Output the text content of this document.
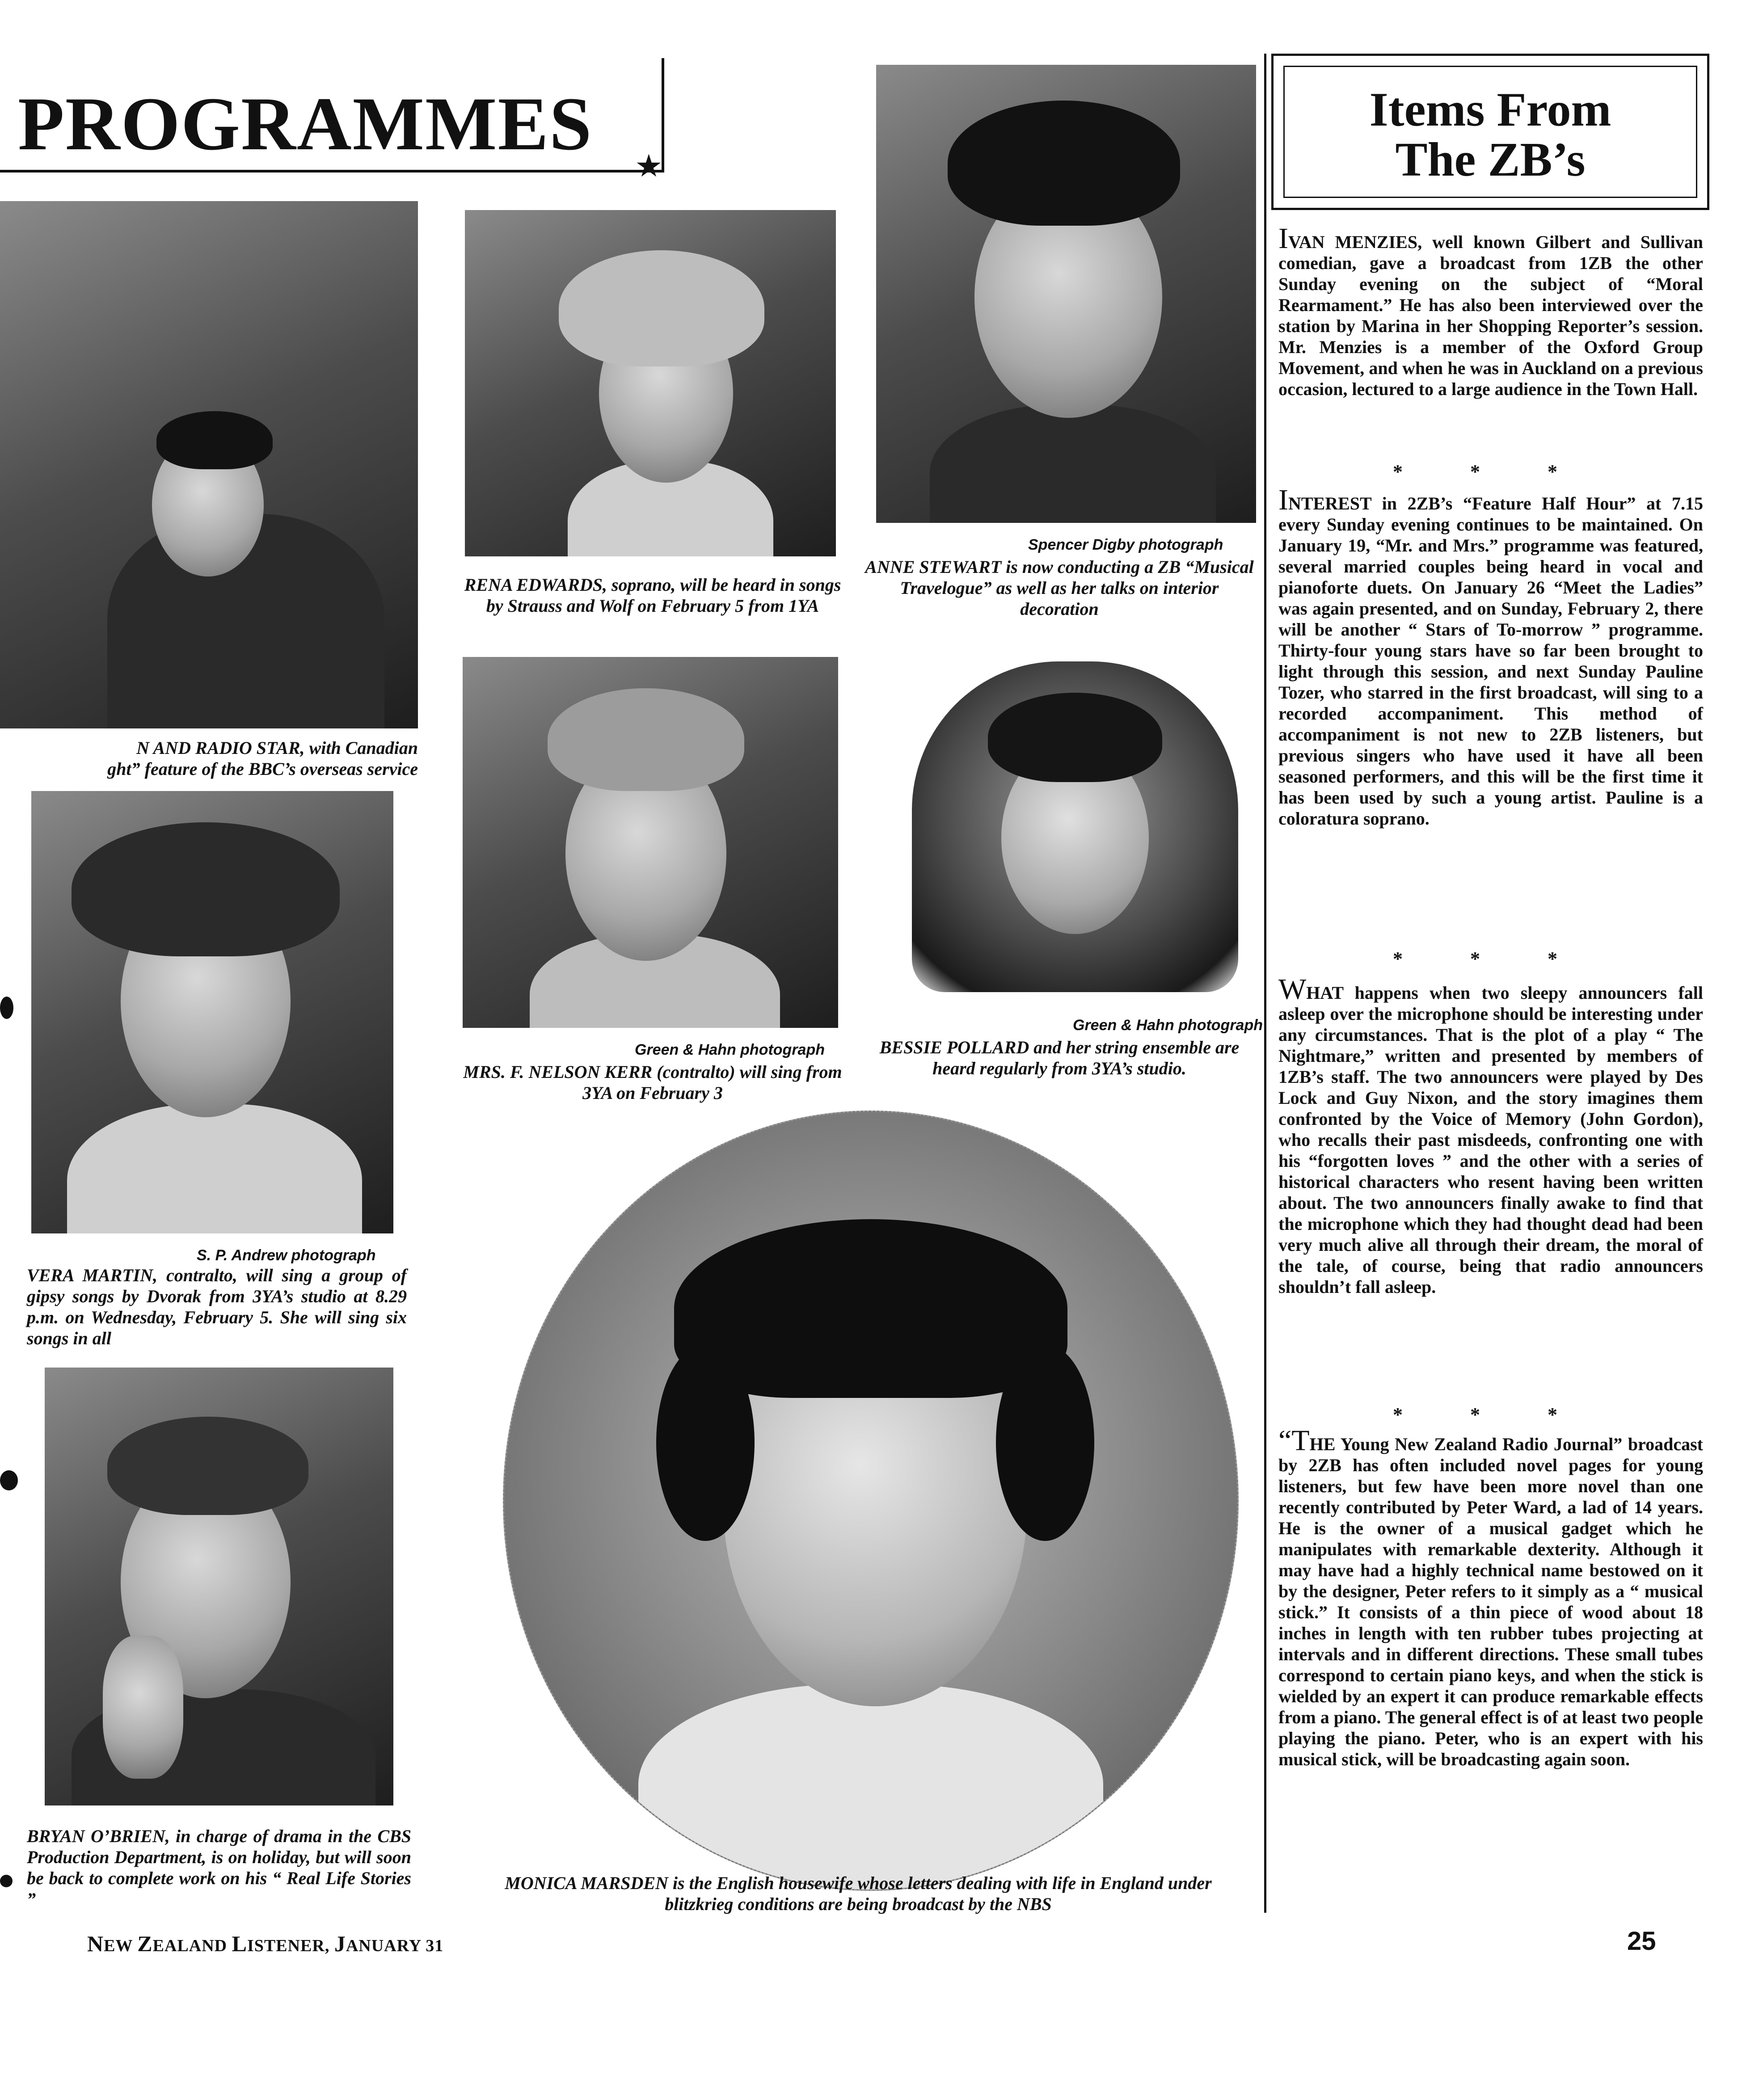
PROGRAMMES
★
N AND RADIO STAR, with Canadian
ght” feature of the BBC’s overseas service
RENA EDWARDS, soprano, will be heard in songs by Strauss and Wolf on February 5 from 1YA
Spencer Digby photograph
ANNE STEWART is now conducting a ZB “Musical Travelogue” as well as her talks on interior decoration
Green & Hahn photograph
MRS. F. NELSON KERR (contralto) will sing from 3YA on February 3
Green & Hahn photograph
BESSIE POLLARD and her string ensemble are heard regularly from 3YA’s studio.
S. P. Andrew photograph
VERA MARTIN, contralto, will sing a group of gipsy songs by Dvorak from 3YA’s studio at 8.29 p.m. on Wednesday, February 5. She will sing six songs in all
BRYAN O’BRIEN, in charge of drama in the CBS Production Department, is on holiday, but will soon be back to complete work on his “ Real Life Stories ”
MONICA MARSDEN is the English housewife whose letters dealing with life in England under blitzkrieg conditions are being broadcast by the NBS
Items From
The ZB’s
IVAN MENZIES, well known Gilbert and Sullivan comedian, gave a broadcast from 1ZB the other Sunday evening on the subject of “Moral Rearmament.” He has also been interviewed over the station by Marina in her Shopping Reporter’s session. Mr. Menzies is a member of the Oxford Group Movement, and when he was in Auckland on a previous occasion, lectured to a large audience in the Town Hall.
* * *
INTEREST in 2ZB’s “Feature Half Hour” at 7.15 every Sunday evening continues to be maintained. On January 19, “Mr. and Mrs.” programme was featured, several married couples being heard in vocal and pianoforte duets. On January 26 “Meet the Ladies” was again presented, and on Sunday, February 2, there will be another “ Stars of To-morrow ” programme. Thirty-four young stars have so far been brought to light through this session, and next Sunday Pauline Tozer, who starred in the first broadcast, will sing to a recorded accompaniment. This method of accompaniment is not new to 2ZB listeners, but previous singers who have used it have all been seasoned performers, and this will be the first time it has been used by such a young artist. Pauline is a coloratura soprano.
* * *
WHAT happens when two sleepy announcers fall asleep over the microphone should be interesting under any circumstances. That is the plot of a play “ The Nightmare,” written and presented by members of 1ZB’s staff. The two announcers were played by Des Lock and Guy Nixon, and the story imagines them confronted by the Voice of Memory (John Gordon), who recalls their past misdeeds, confronting one with his “forgotten loves ” and the other with a series of historical characters who resent having been written about. The two announcers finally awake to find that the microphone which they had thought dead had been very much alive all through their dream, the moral of the tale, of course, being that radio announcers shouldn’t fall asleep.
* * *
“THE Young New Zealand Radio Journal” broadcast by 2ZB has often included novel pages for young listeners, but few have been more novel than one recently contributed by Peter Ward, a lad of 14 years. He is the owner of a musical gadget which he manipulates with remarkable dexterity. Although it may have had a highly technical name bestowed on it by the designer, Peter refers to it simply as a “ musical stick.” It consists of a thin piece of wood about 18 inches in length with ten rubber tubes projecting at intervals and in different directions. These small tubes correspond to certain piano keys, and when the stick is wielded by an expert it can produce remarkable effects from a piano. The general effect is of at least two people playing the piano. Peter, who is an expert with his musical stick, will be broadcasting again soon.
NEW ZEALAND LISTENER, JANUARY 31	25
